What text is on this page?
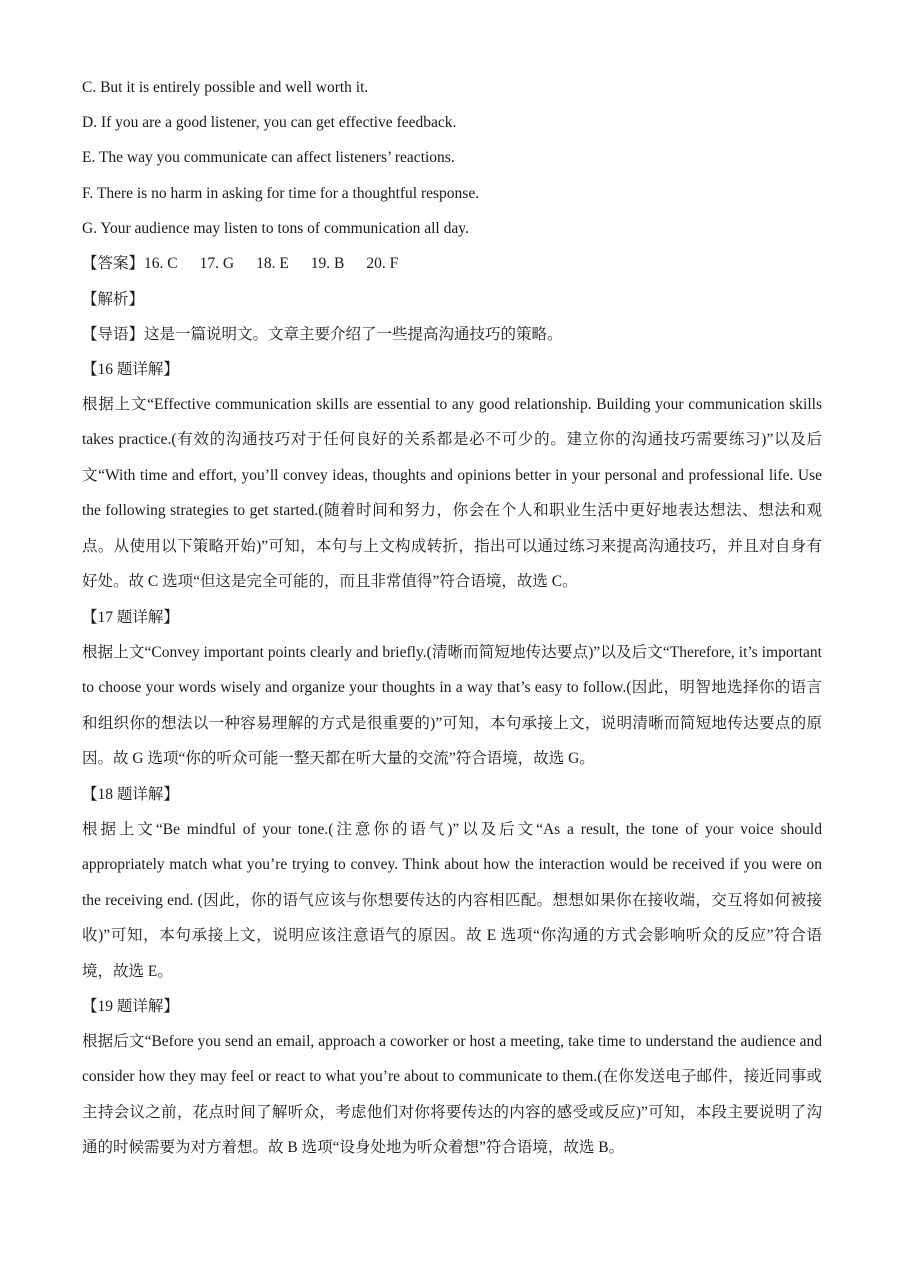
C. But it is entirely possible and well worth it.
D. If you are a good listener, you can get effective feedback.
E. The way you communicate can affect listeners’ reactions.
F. There is no harm in asking for time for a thoughtful response.
G. Your audience may listen to tons of communication all day.
【答案】16. C 17. G 18. E 19. B 20. F
【解析】
【导语】这是一篇说明文。文章主要介绍了一些提高沟通技巧的策略。
【16 题详解】
根据上文“Effective communication skills are essential to any good relationship. Building your communication skills takes practice.(有效的沟通技巧对于任何良好的关系都是必不可少的。建立你的沟通技巧需要练习)”以及后文“With time and effort, you’ll convey ideas, thoughts and opinions better in your personal and professional life. Use the following strategies to get started.(随着时间和努力，你会在个人和职业生活中更好地表达想法、想法和观点。从使用以下策略开始)”可知，本句与上文构成转折，指出可以通过练习来提高沟通技巧，并且对自身有好处。故 C 选项“但这是完全可能的，而且非常值得”符合语境，故选 C。
【17 题详解】
根据上文“Convey important points clearly and briefly.(清晰而简短地传达要点)”以及后文“Therefore, it’s important to choose your words wisely and organize your thoughts in a way that’s easy to follow.(因此，明智地选择你的语言和组织你的想法以一种容易理解的方式是很重要的)”可知，本句承接上文，说明清晰而简短地传达要点的原因。故 G 选项“你的听众可能一整天都在听大量的交流”符合语境，故选 G。
【18 题详解】
根据上文“Be mindful of your tone.(注意你的语气)”以及后文“As a result, the tone of your voice should appropriately match what you’re trying to convey. Think about how the interaction would be received if you were on the receiving end. (因此，你的语气应该与你想要传达的内容相匹配。想想如果你在接收端，交互将如何被接收)”可知，本句承接上文，说明应该注意语气的原因。故 E 选项“你沟通的方式会影响听众的反应”符合语境，故选 E。
【19 题详解】
根据后文“Before you send an email, approach a coworker or host a meeting, take time to understand the audience and consider how they may feel or react to what you’re about to communicate to them.(在你发送电子邮件，接近同事或主持会议之前，花点时间了解听众，考虑他们对你将要传达的内容的感受或反应)”可知，本段主要说明了沟通的时候需要为对方着想。故 B 选项“设身处地为听众着想”符合语境，故选 B。
